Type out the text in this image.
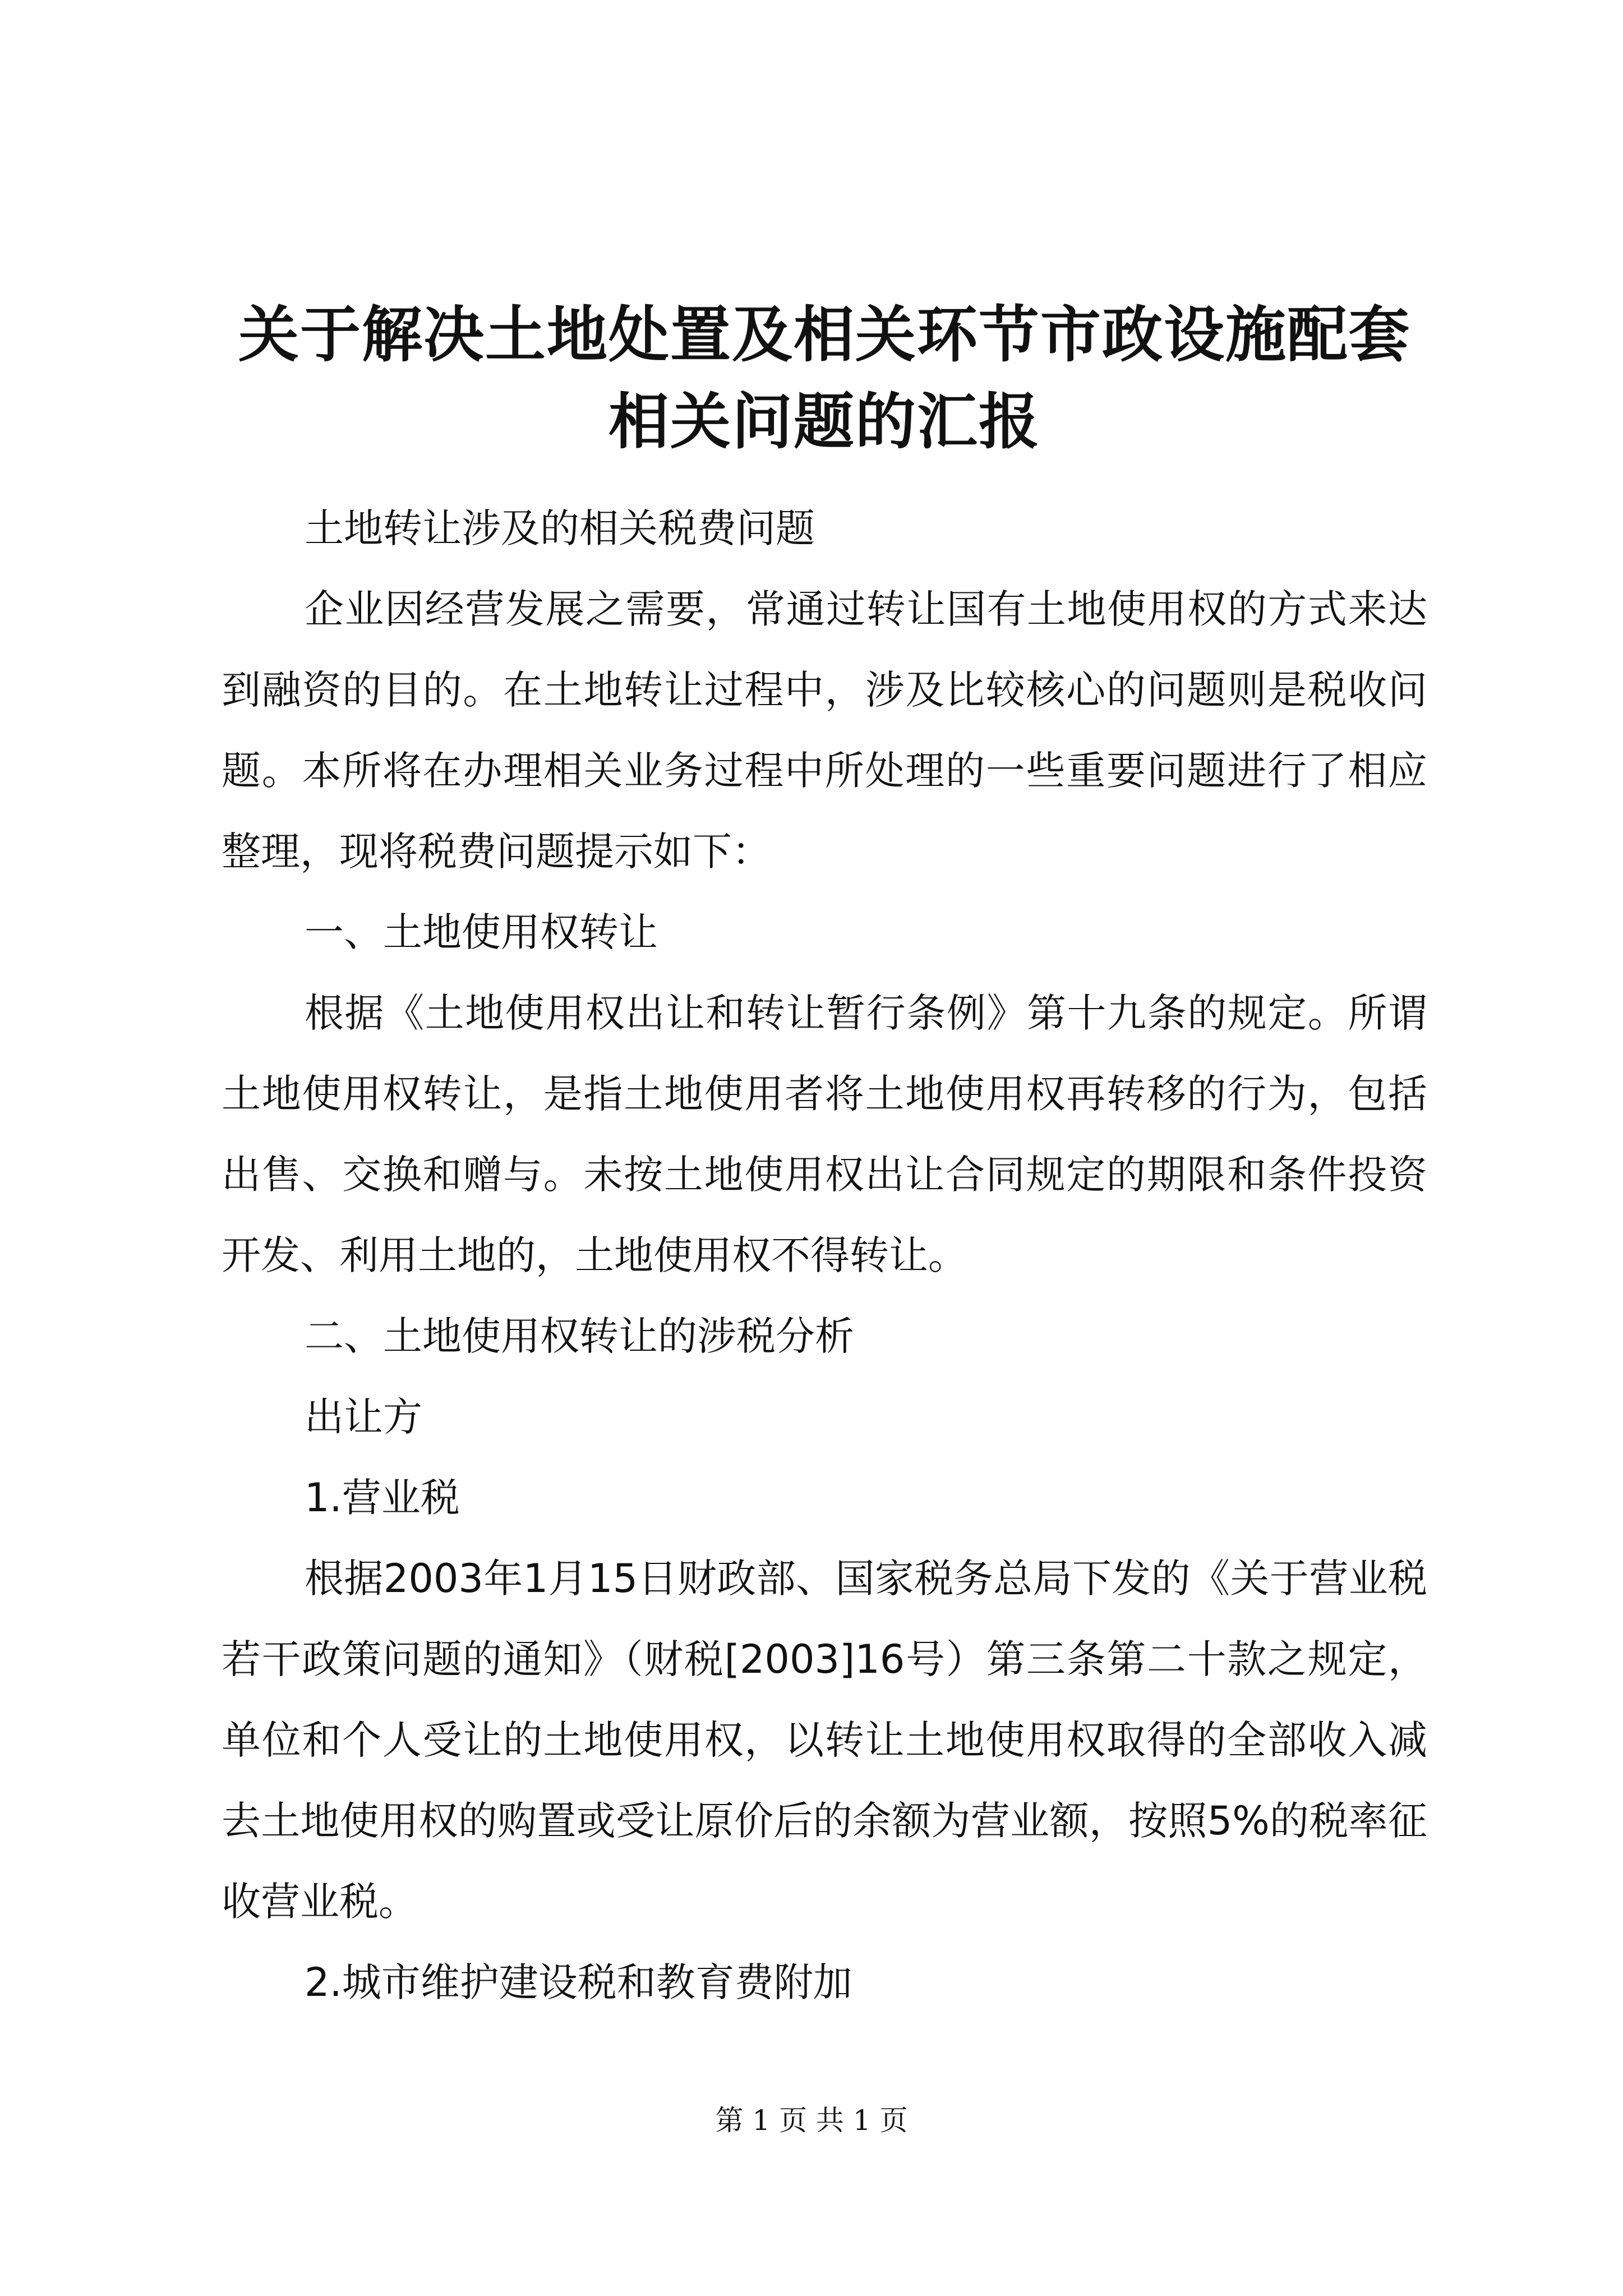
关于解决土地处置及相关环节市政设施配套相关问题的汇报

土地转让涉及的相关税费问题

企业因经营发展之需要，常通过转让国有土地使用权的方式来达到融资的目的。在土地转让过程中，涉及比较核心的问题则是税收问题。本所将在办理相关业务过程中所处理的一些重要问题进行了相应整理，现将税费问题提示如下：

一、土地使用权转让

根据《土地使用权出让和转让暂行条例》第十九条的规定。所谓土地使用权转让，是指土地使用者将土地使用权再转移的行为，包括出售、交换和赠与。未按土地使用权出让合同规定的期限和条件投资开发、利用土地的，土地使用权不得转让。

二、土地使用权转让的涉税分析

出让方

1.营业税

根据2003年1月15日财政部、国家税务总局下发的《关于营业税若干政策问题的通知》（财税[2003]16号）第三条第二十款之规定，单位和个人受让的土地使用权，以转让土地使用权取得的全部收入减去土地使用权的购置或受让原价后的余额为营业额，按照5%的税率征收营业税。

2.城市维护建设税和教育费附加

第 1 页 共 1 页
